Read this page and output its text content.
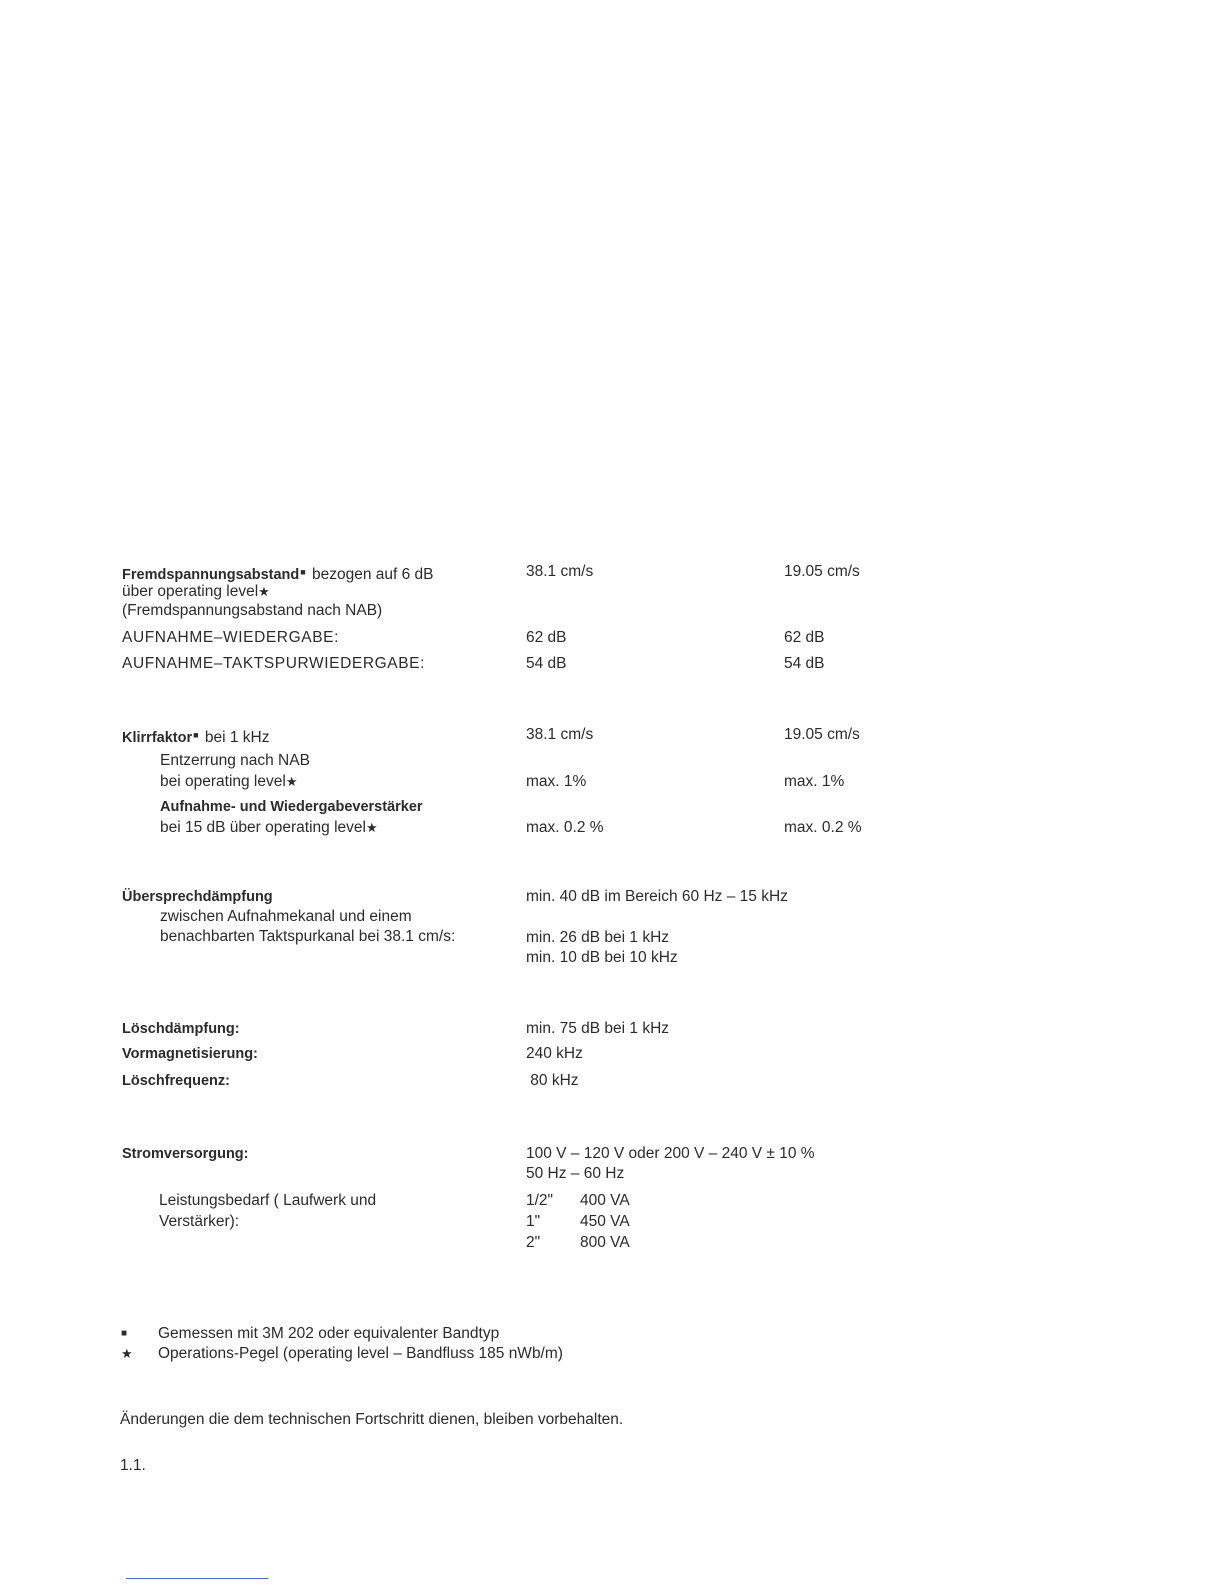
Fremdspannungsabstand■ bezogen auf 6 dB
über operating level★
(Fremdspannungsabstand nach NAB)
38.1 cm/s	19.05 cm/s
AUFNAHME–WIEDERGABE:	62 dB	62 dB
AUFNAHME–TAKTSPURWIEDERGABE:	54 dB	54 dB
Klirrfaktor■ bei 1 kHz	38.1 cm/s	19.05 cm/s
Entzerrung nach NAB
bei operating level★	max. 1%	max. 1%
Aufnahme- und Wiedergabeverstärker
bei 15 dB über operating level★	max. 0.2 %	max. 0.2 %
Übersprechdämpfung	min. 40 dB im Bereich 60 Hz – 15 kHz
zwischen Aufnahmekanal und einem
benachbarten Taktspurkanal bei 38.1 cm/s:	min. 26 dB bei 1 kHz
min. 10 dB bei 10 kHz
Löschdämpfung:	min. 75 dB bei 1 kHz
Vormagnetisierung:	240 kHz
Löschfrequenz:	80 kHz
Stromversorgung:	100 V – 120 V oder 200 V – 240 V ± 10 %
50 Hz – 60 Hz
Leistungsbedarf ( Laufwerk und
Verstärker):
1/2" 400 VA
1"	450 VA
2"	800 VA
■ Gemessen mit 3M 202 oder equivalenter Bandtyp
★ Operations-Pegel (operating level – Bandfluss 185 nWb/m)
Änderungen die dem technischen Fortschritt dienen, bleiben vorbehalten.
1.1.
